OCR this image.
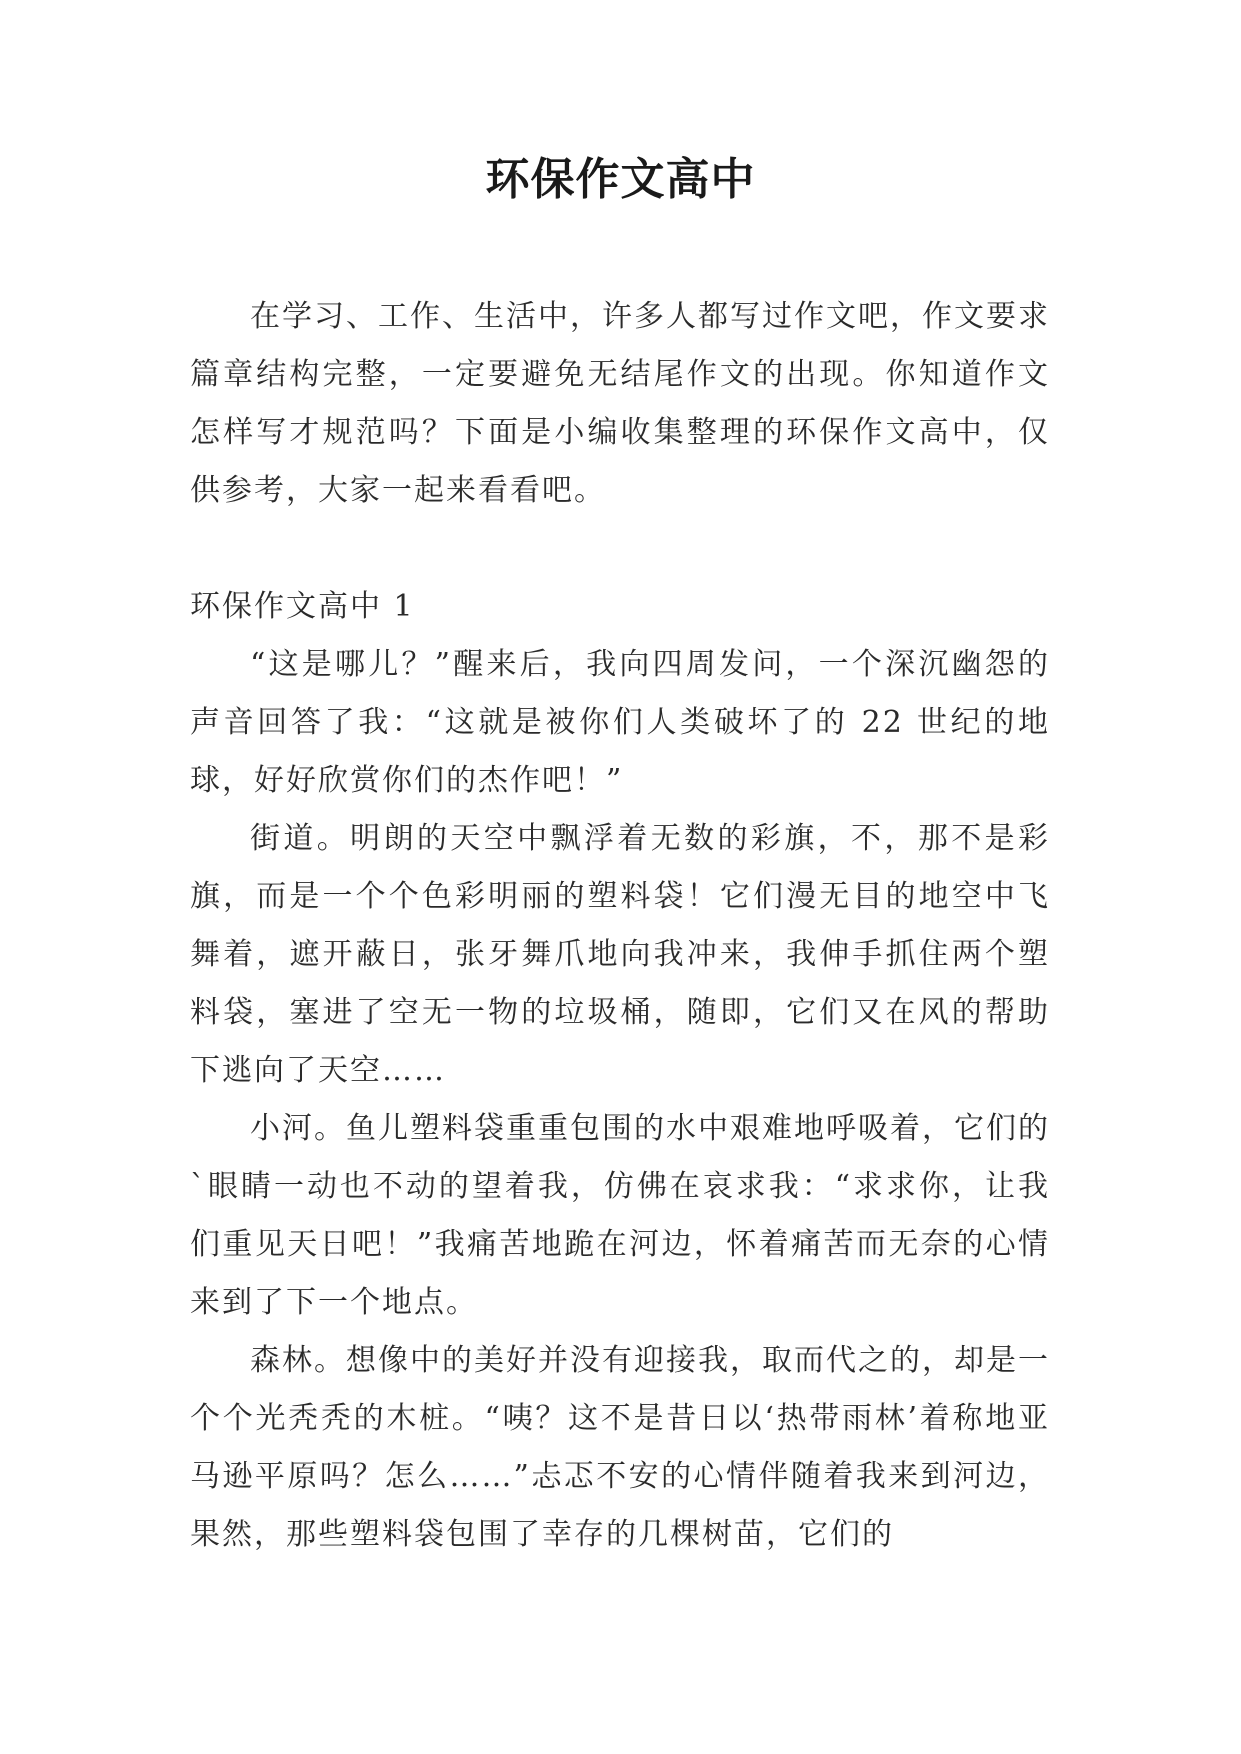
环保作文高中

在学习、工作、生活中，许多人都写过作文吧，作文要求篇章结构完整，一定要避免无结尾作文的出现。你知道作文怎样写才规范吗？下面是小编收集整理的环保作文高中，仅供参考，大家一起来看看吧。

环保作文高中 1

“这是哪儿？”醒来后，我向四周发问，一个深沉幽怨的声音回答了我：“这就是被你们人类破坏了的 22 世纪的地球，好好欣赏你们的杰作吧！”

街道。明朗的天空中飘浮着无数的彩旗，不，那不是彩旗，而是一个个色彩明丽的塑料袋！它们漫无目的地空中飞舞着，遮开蔽日，张牙舞爪地向我冲来，我伸手抓住两个塑料袋，塞进了空无一物的垃圾桶，随即，它们又在风的帮助下逃向了天空……

小河。鱼儿塑料袋重重包围的水中艰难地呼吸着，它们的`眼睛一动也不动的望着我，仿佛在哀求我：“求求你，让我们重见天日吧！”我痛苦地跪在河边，怀着痛苦而无奈的心情来到了下一个地点。

森林。想像中的美好并没有迎接我，取而代之的，却是一个个光秃秃的木桩。“咦？这不是昔日以‘热带雨林’着称地亚马逊平原吗？怎么……”忐忑不安的心情伴随着我来到河边，果然，那些塑料袋包围了幸存的几棵树苗，它们的
